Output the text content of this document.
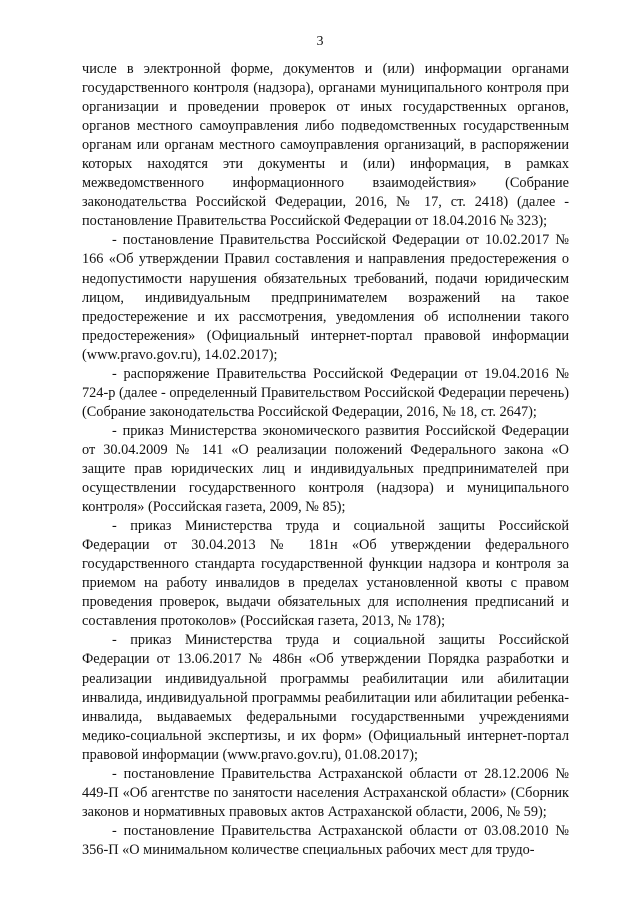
3

числе в электронной форме, документов и (или) информации органами государственного контроля (надзора), органами муниципального контроля при организации и проведении проверок от иных государственных органов, органов местного самоуправления либо подведомственных государственным органам или органам местного самоуправления организаций, в распоряжении которых находятся эти документы и (или) информация, в рамках межведомственного информационного взаимодействия» (Собрание законодательства Российской Федерации, 2016, № 17, ст. 2418) (далее - постановление Правительства Российской Федерации от 18.04.2016 № 323);

- постановление Правительства Российской Федерации от 10.02.2017 № 166 «Об утверждении Правил составления и направления предостережения о недопустимости нарушения обязательных требований, подачи юридическим лицом, индивидуальным предпринимателем возражений на такое предостережение и их рассмотрения, уведомления об исполнении такого предостережения» (Официальный интернет-портал правовой информации (www.pravo.gov.ru), 14.02.2017);

- распоряжение Правительства Российской Федерации от 19.04.2016 № 724-р (далее - определенный Правительством Российской Федерации перечень) (Собрание законодательства Российской Федерации, 2016, № 18, ст. 2647);

- приказ Министерства экономического развития Российской Федерации от 30.04.2009 № 141 «О реализации положений Федерального закона «О защите прав юридических лиц и индивидуальных предпринимателей при осуществлении государственного контроля (надзора) и муниципального контроля» (Российская газета, 2009, № 85);

- приказ Министерства труда и социальной защиты Российской Федерации от 30.04.2013 № 181н «Об утверждении федерального государственного стандарта государственной функции надзора и контроля за приемом на работу инвалидов в пределах установленной квоты с правом проведения проверок, выдачи обязательных для исполнения предписаний и составления протоколов» (Российская газета, 2013, № 178);

- приказ Министерства труда и социальной защиты Российской Федерации от 13.06.2017 № 486н «Об утверждении Порядка разработки и реализации индивидуальной программы реабилитации или абилитации инвалида, индивидуальной программы реабилитации или абилитации ребенка-инвалида, выдаваемых федеральными государственными учреждениями медико-социальной экспертизы, и их форм» (Официальный интернет-портал правовой информации (www.pravo.gov.ru), 01.08.2017);

- постановление Правительства Астраханской области от 28.12.2006 № 449-П «Об агентстве по занятости населения Астраханской области» (Сборник законов и нормативных правовых актов Астраханской области, 2006, № 59);

- постановление Правительства Астраханской области от 03.08.2010 № 356-П «О минимальном количестве специальных рабочих мест для трудо-
